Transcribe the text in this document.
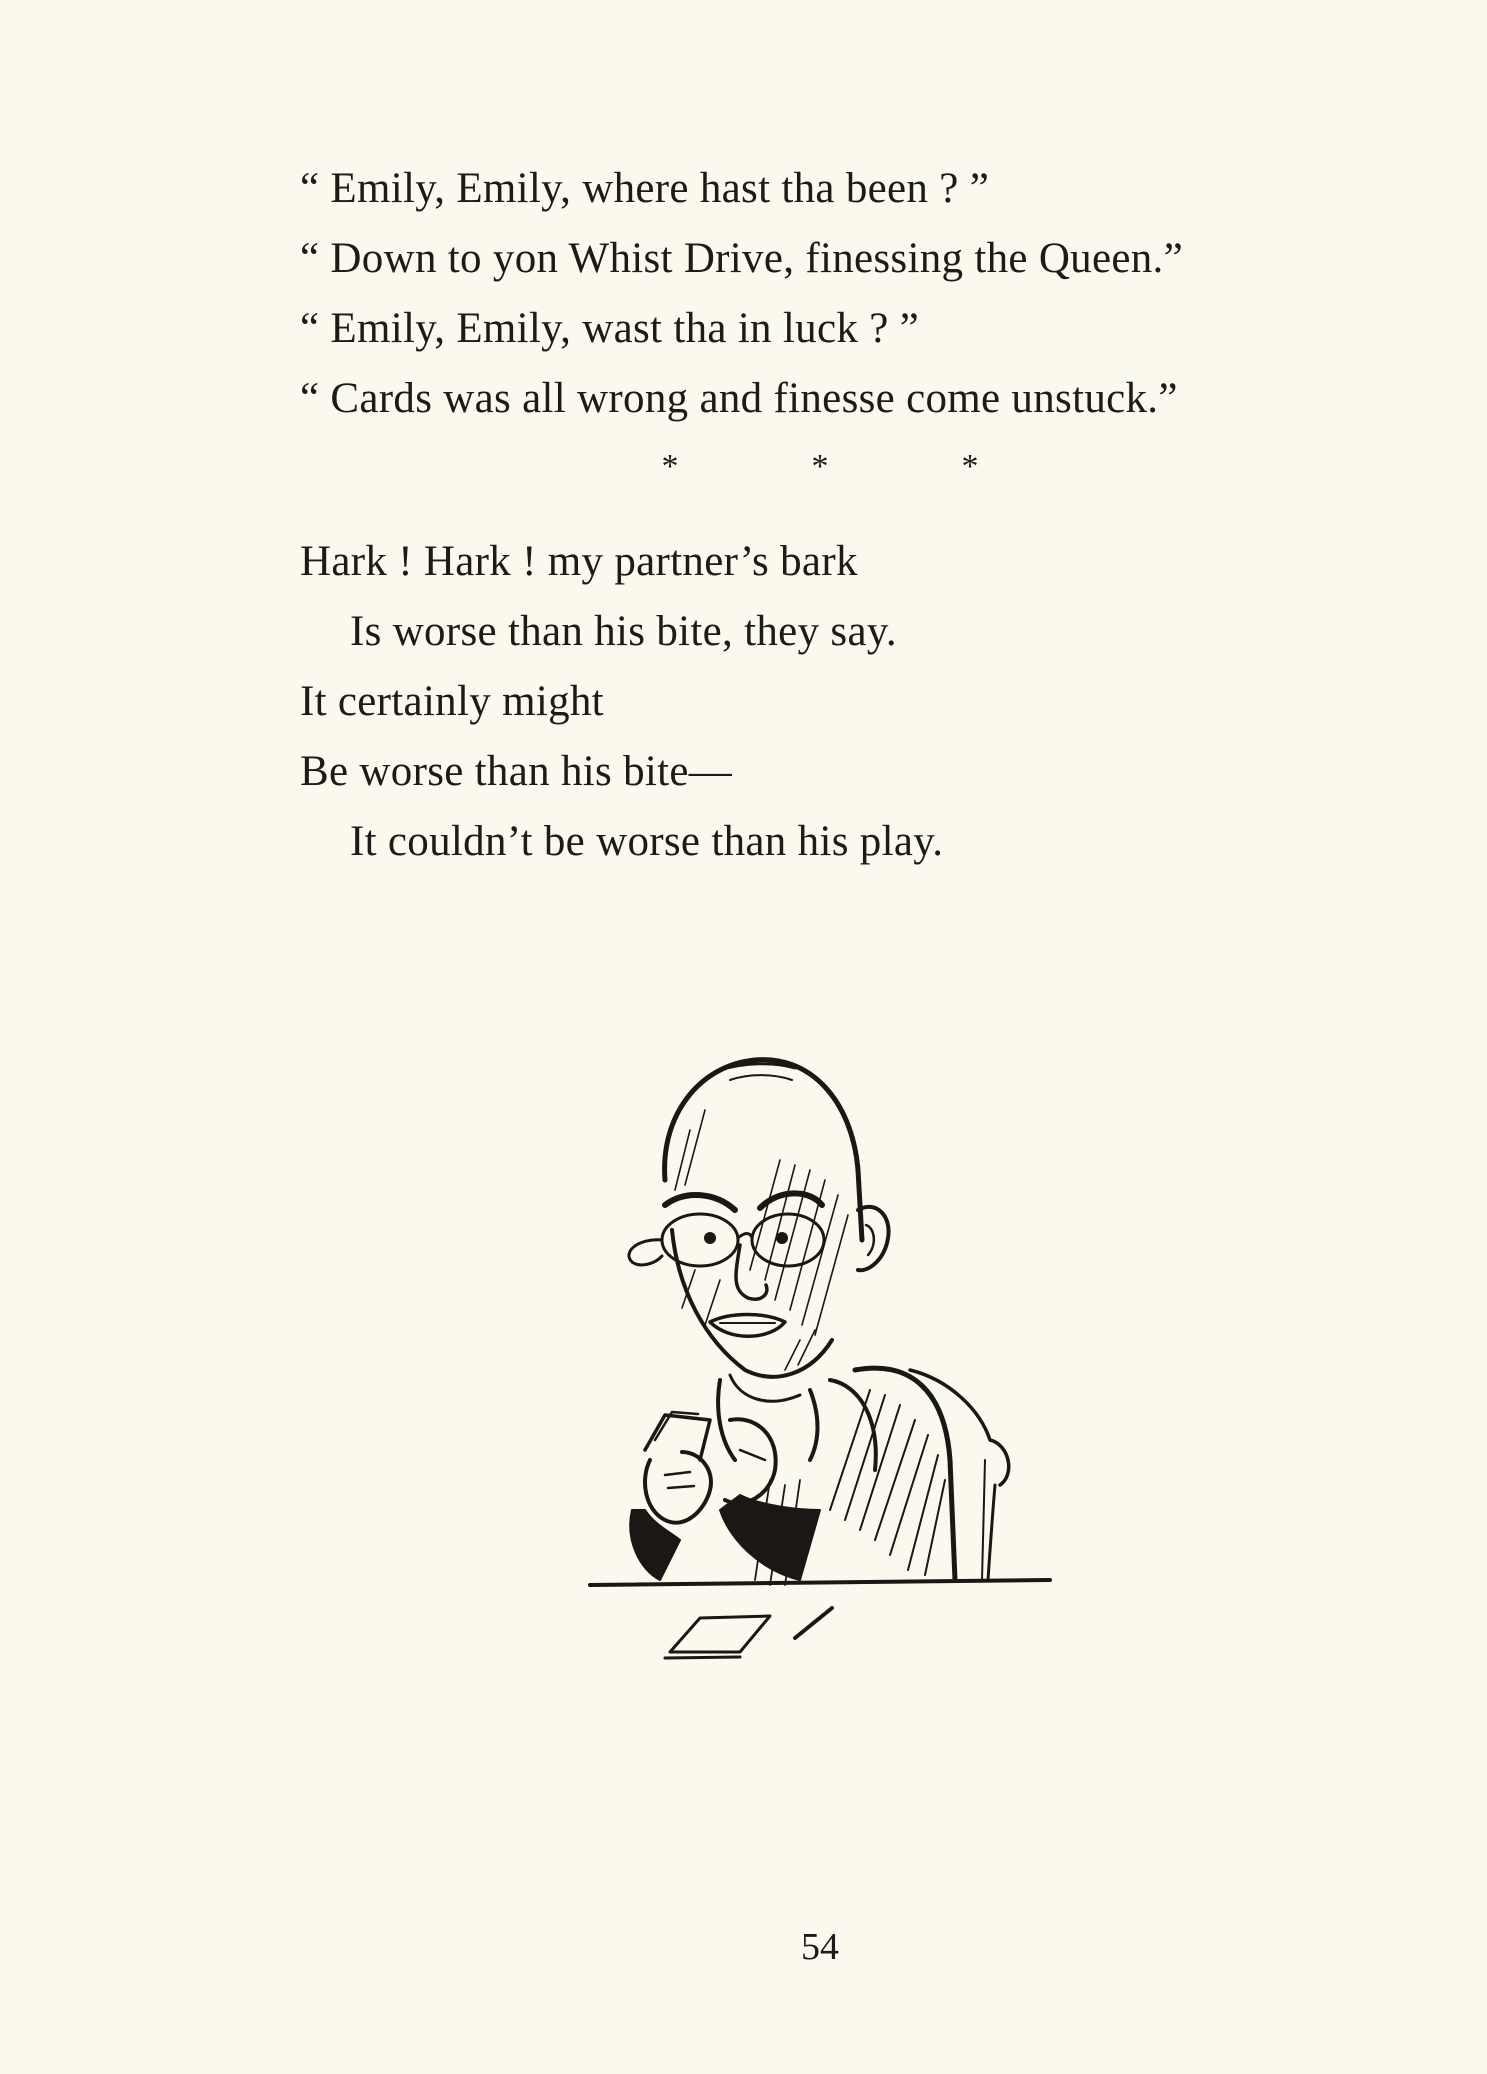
“ Emily, Emily, where hast tha been ? ”
“ Down to yon Whist Drive, finessing the Queen.”
“ Emily, Emily, wast tha in luck ? ”
“ Cards was all wrong and finesse come unstuck.”
*	*	*
Hark ! Hark ! my partner’s bark
Is worse than his bite, they say.
It certainly might
Be worse than his bite—
It couldn’t be worse than his play.
54
